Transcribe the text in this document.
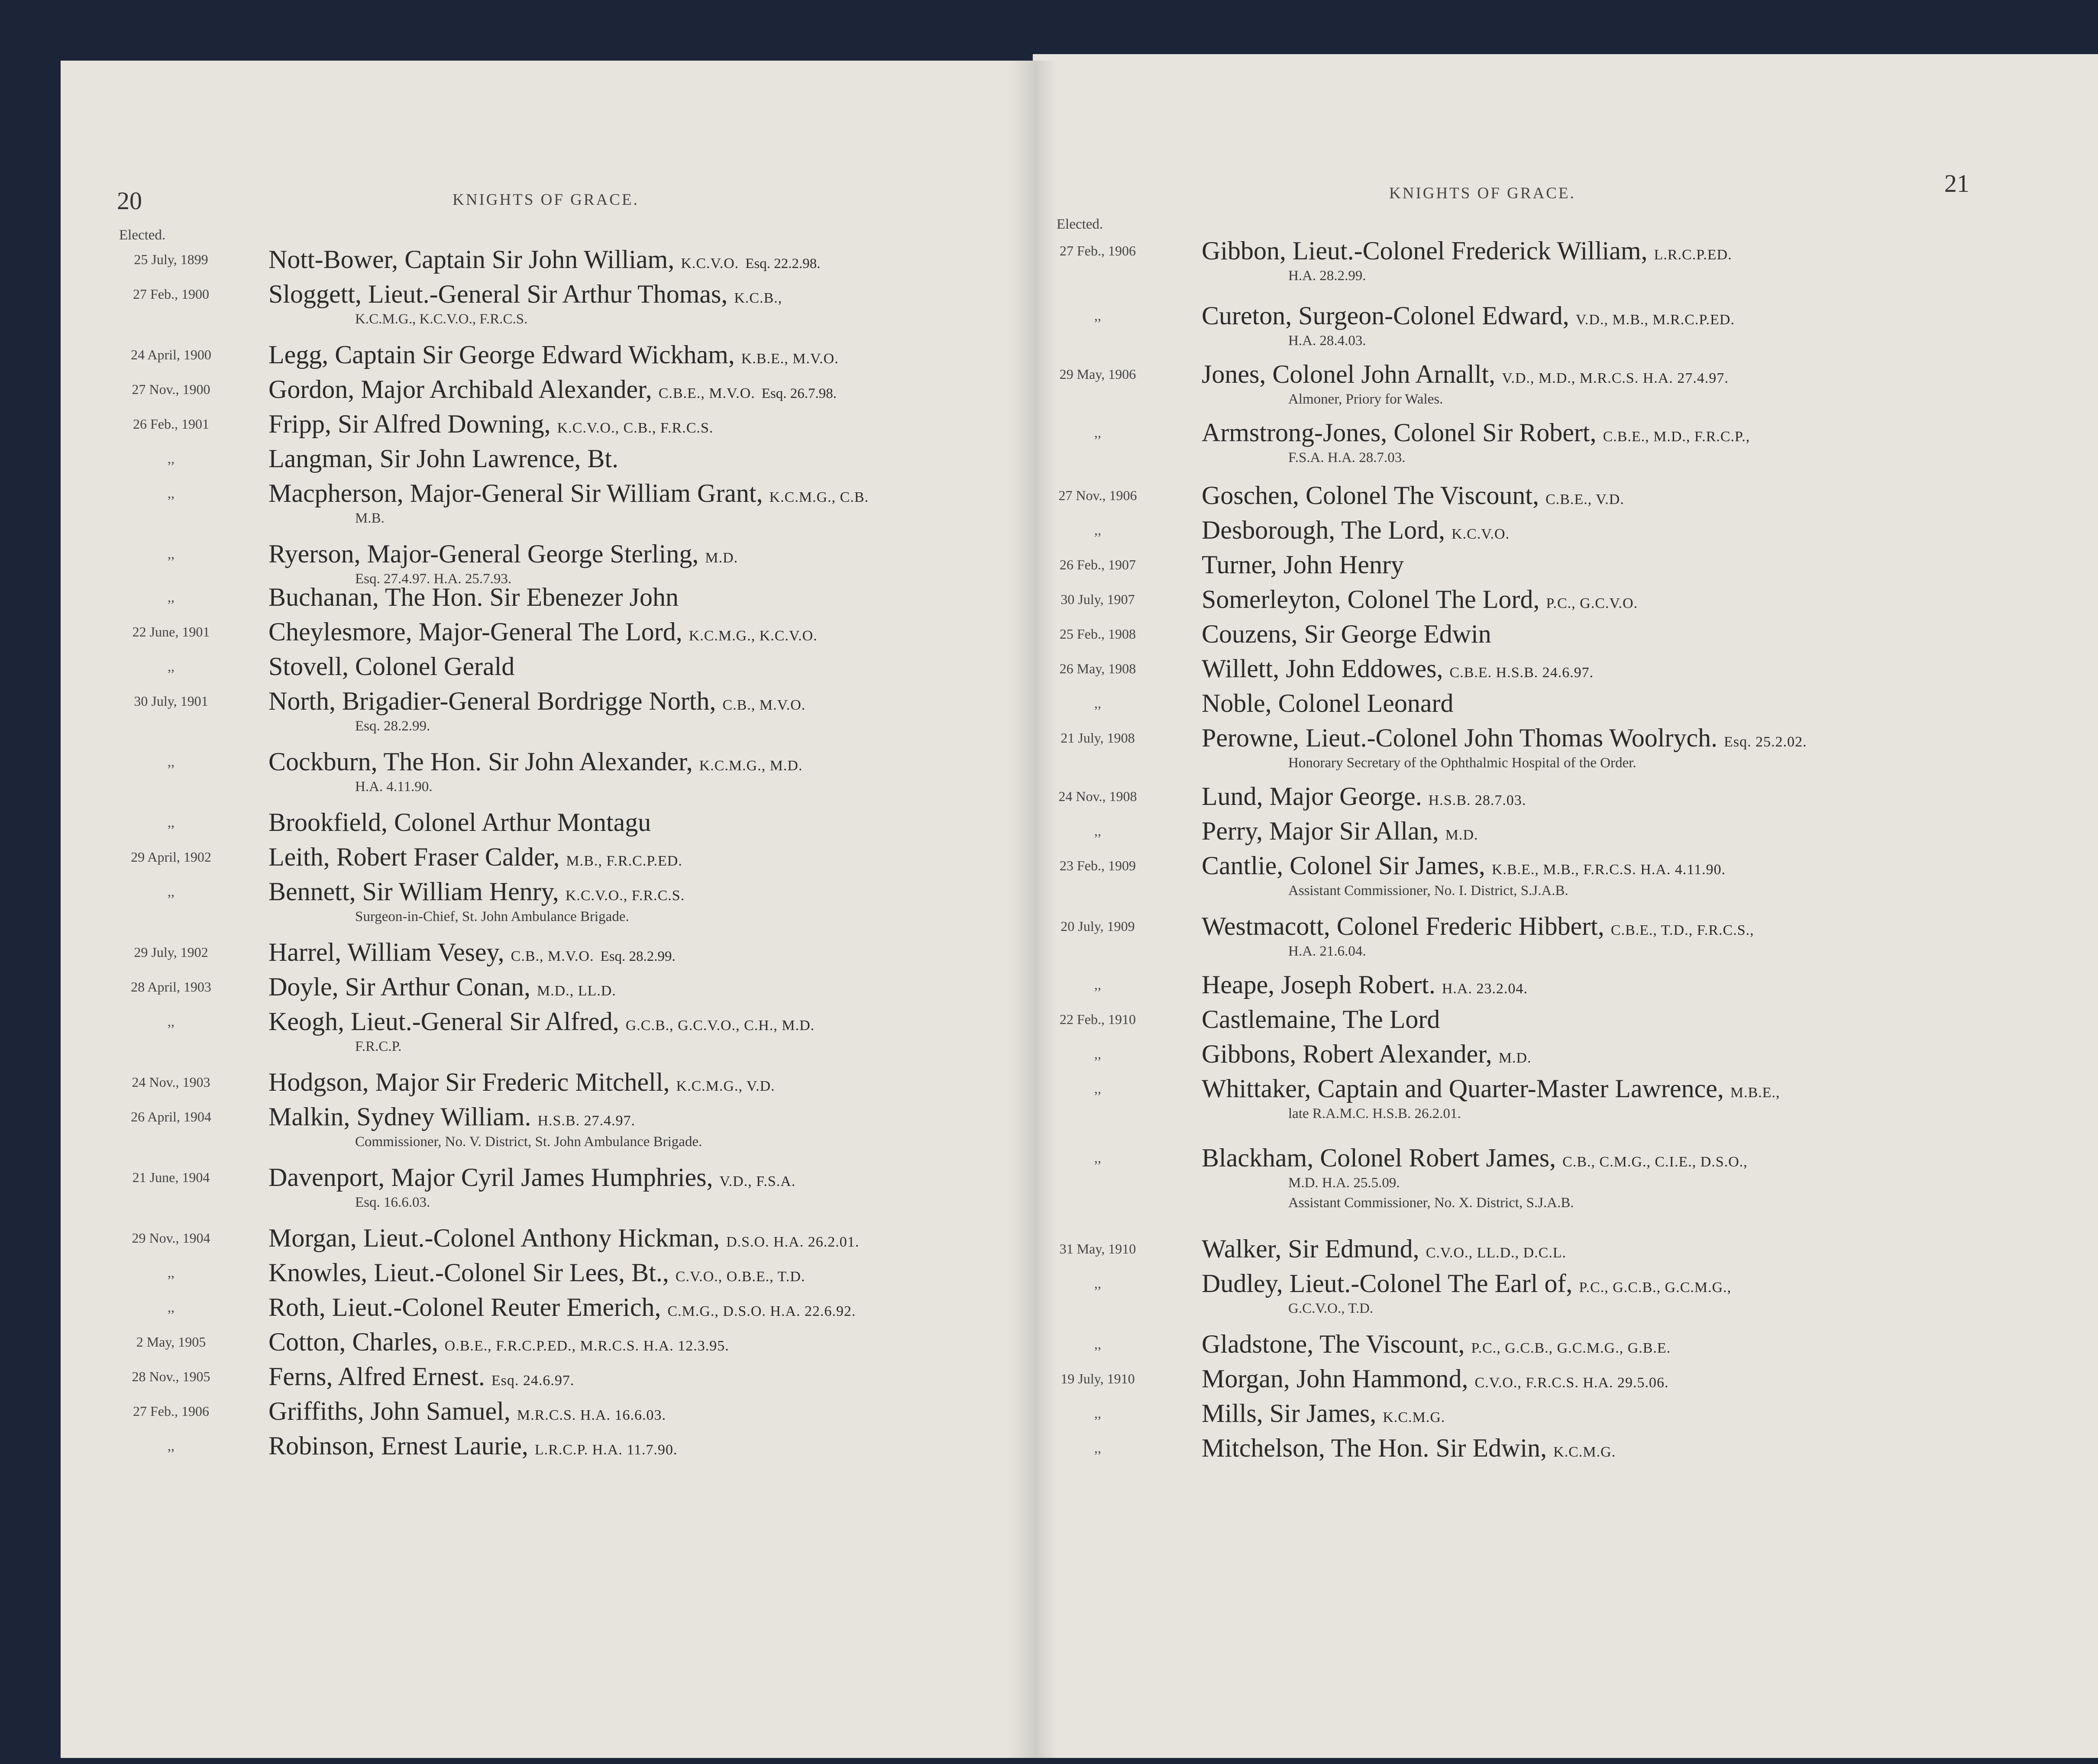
20	KNIGHTS OF GRACE.
Elected.
25 July, 1899	Nott-Bower, Captain Sir John William, K.C.V.O. Esq. 22.2.98.
27 Feb., 1900	Sloggett, Lieut.-General Sir Arthur Thomas, K.C.B.,
K.C.M.G., K.C.V.O., F.R.C.S.
24 April, 1900	Legg, Captain Sir George Edward Wickham, K.B.E., M.V.O.
27 Nov., 1900	Gordon, Major Archibald Alexander, C.B.E., M.V.O. Esq. 26.7.98.
26 Feb., 1901	Fripp, Sir Alfred Downing, K.C.V.O., C.B., F.R.C.S.
,,	Langman, Sir John Lawrence, Bt.
,,	Macpherson, Major-General Sir William Grant, K.C.M.G., C.B.
M.B.
,,	Ryerson, Major-General George Sterling, M.D.
Esq. 27.4.97. H.A. 25.7.93.
,,	Buchanan, The Hon. Sir Ebenezer John
22 June, 1901	Cheylesmore, Major-General The Lord, K.C.M.G., K.C.V.O.
,,	Stovell, Colonel Gerald
30 July, 1901	North, Brigadier-General Bordrigge North, C.B., M.V.O.
Esq. 28.2.99.
,,	Cockburn, The Hon. Sir John Alexander, K.C.M.G., M.D.
H.A. 4.11.90.
,,	Brookfield, Colonel Arthur Montagu
29 April, 1902	Leith, Robert Fraser Calder, M.B., F.R.C.P.ED.
,,	Bennett, Sir William Henry, K.C.V.O., F.R.C.S.
Surgeon-in-Chief, St. John Ambulance Brigade.
29 July, 1902	Harrel, William Vesey, C.B., M.V.O. Esq. 28.2.99.
28 April, 1903	Doyle, Sir Arthur Conan, M.D., LL.D.
,,	Keogh, Lieut.-General Sir Alfred, G.C.B., G.C.V.O., C.H., M.D.
F.R.C.P.
24 Nov., 1903	Hodgson, Major Sir Frederic Mitchell, K.C.M.G., V.D.
26 April, 1904	Malkin, Sydney William. H.S.B. 27.4.97.
Commissioner, No. V. District, St. John Ambulance Brigade.
21 June, 1904	Davenport, Major Cyril James Humphries, V.D., F.S.A.
Esq. 16.6.03.
29 Nov., 1904	Morgan, Lieut.-Colonel Anthony Hickman, D.S.O. H.A. 26.2.01.
,,	Knowles, Lieut.-Colonel Sir Lees, Bt., C.V.O., O.B.E., T.D.
,,	Roth, Lieut.-Colonel Reuter Emerich, C.M.G., D.S.O. H.A. 22.6.92.
2 May, 1905	Cotton, Charles, O.B.E., F.R.C.P.ED., M.R.C.S. H.A. 12.3.95.
28 Nov., 1905	Ferns, Alfred Ernest. Esq. 24.6.97.
27 Feb., 1906	Griffiths, John Samuel, M.R.C.S. H.A. 16.6.03.
,,	Robinson, Ernest Laurie, L.R.C.P. H.A. 11.7.90.
21
KNIGHTS OF GRACE.
Elected.
27 Feb., 1906	Gibbon, Lieut.-Colonel Frederick William, L.R.C.P.ED.
H.A. 28.2.99.
,,	Cureton, Surgeon-Colonel Edward, V.D., M.B., M.R.C.P.ED.
H.A. 28.4.03.
29 May, 1906	Jones, Colonel John Arnallt, V.D., M.D., M.R.C.S. H.A. 27.4.97.
Almoner, Priory for Wales.
,,	Armstrong-Jones, Colonel Sir Robert, C.B.E., M.D., F.R.C.P.,
F.S.A. H.A. 28.7.03.
27 Nov., 1906	Goschen, Colonel The Viscount, C.B.E., V.D.
,,	Desborough, The Lord, K.C.V.O.
26 Feb., 1907	Turner, John Henry
30 July, 1907	Somerleyton, Colonel The Lord, P.C., G.C.V.O.
25 Feb., 1908	Couzens, Sir George Edwin
26 May, 1908	Willett, John Eddowes, C.B.E. H.S.B. 24.6.97.
,,	Noble, Colonel Leonard
21 July, 1908	Perowne, Lieut.-Colonel John Thomas Woolrych. Esq. 25.2.02.
Honorary Secretary of the Ophthalmic Hospital of the Order.
24 Nov., 1908	Lund, Major George. H.S.B. 28.7.03.
,,	Perry, Major Sir Allan, M.D.
23 Feb., 1909	Cantlie, Colonel Sir James, K.B.E., M.B., F.R.C.S. H.A. 4.11.90.
Assistant Commissioner, No. I. District, S.J.A.B.
20 July, 1909	Westmacott, Colonel Frederic Hibbert, C.B.E., T.D., F.R.C.S.,
H.A. 21.6.04.
,,	Heape, Joseph Robert. H.A. 23.2.04.
22 Feb., 1910	Castlemaine, The Lord
,,	Gibbons, Robert Alexander, M.D.
,,	Whittaker, Captain and Quarter-Master Lawrence, M.B.E.,
late R.A.M.C. H.S.B. 26.2.01.
,,	Blackham, Colonel Robert James, C.B., C.M.G., C.I.E., D.S.O.,
M.D. H.A. 25.5.09.
Assistant Commissioner, No. X. District, S.J.A.B.
31 May, 1910	Walker, Sir Edmund, C.V.O., LL.D., D.C.L.
,,	Dudley, Lieut.-Colonel The Earl of, P.C., G.C.B., G.C.M.G.,
G.C.V.O., T.D.
,,	Gladstone, The Viscount, P.C., G.C.B., G.C.M.G., G.B.E.
19 July, 1910	Morgan, John Hammond, C.V.O., F.R.C.S. H.A. 29.5.06.
,,	Mills, Sir James, K.C.M.G.
,,	Mitchelson, The Hon. Sir Edwin, K.C.M.G.
